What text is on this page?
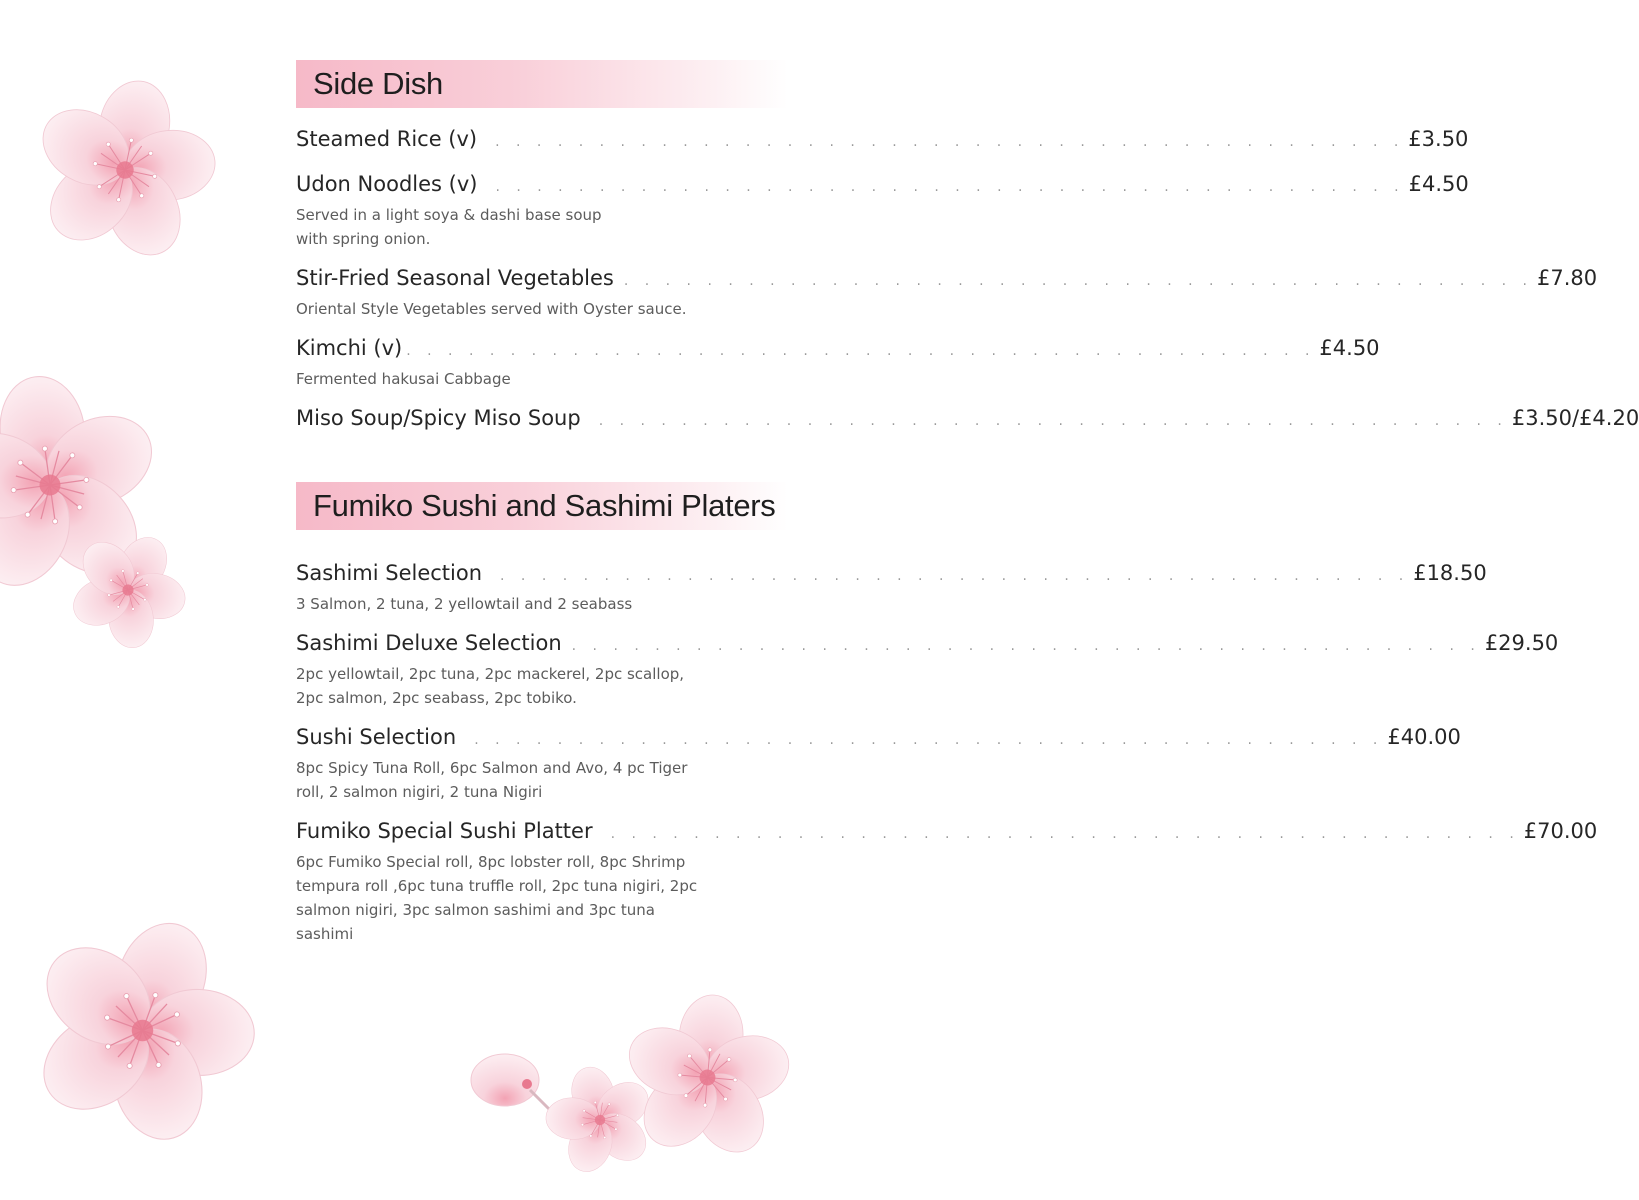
Side Dish
Steamed Rice (v) . . . . . . . . . . . . . . . . . . . . . . . . . . . . . . . . . . . . . . . . . . . . £3.50
Udon Noodles (v) . . . . . . . . . . . . . . . . . . . . . . . . . . . . . . . . . . . . . . . . . . . . £4.50
Served in a light soya & dashi base soup with spring onion.
Stir-Fried Seasonal Vegetables . . . . . . . . . . . . . . . . . . . . . . . . . . . . . . . . . . . . . . . . . . . . £7.80
Oriental Style Vegetables served with Oyster sauce.
Kimchi (v) . . . . . . . . . . . . . . . . . . . . . . . . . . . . . . . . . . . . . . . . . . . . £4.50
Fermented hakusai Cabbage
Miso Soup/Spicy Miso Soup . . . . . . . . . . . . . . . . . . . . . . . . . . . . . . . . . . . . . . . . . . . . £3.50/£4.20
Fumiko Sushi and Sashimi Platers
Sashimi Selection . . . . . . . . . . . . . . . . . . . . . . . . . . . . . . . . . . . . . . . . . . . . £18.50
3 Salmon, 2 tuna, 2 yellowtail and 2 seabass
Sashimi Deluxe Selection . . . . . . . . . . . . . . . . . . . . . . . . . . . . . . . . . . . . . . . . . . . . £29.50
2pc yellowtail, 2pc tuna, 2pc mackerel, 2pc scallop, 2pc salmon, 2pc seabass, 2pc tobiko.
Sushi Selection . . . . . . . . . . . . . . . . . . . . . . . . . . . . . . . . . . . . . . . . . . . . £40.00
8pc Spicy Tuna Roll, 6pc Salmon and Avo, 4 pc Tiger roll, 2 salmon nigiri, 2 tuna Nigiri
Fumiko Special Sushi Platter . . . . . . . . . . . . . . . . . . . . . . . . . . . . . . . . . . . . . . . . . . . . £70.00
6pc Fumiko Special roll, 8pc lobster roll, 8pc Shrimp tempura roll ,6pc tuna truffle roll, 2pc tuna nigiri, 2pc salmon nigiri, 3pc salmon sashimi and 3pc tuna sashimi
